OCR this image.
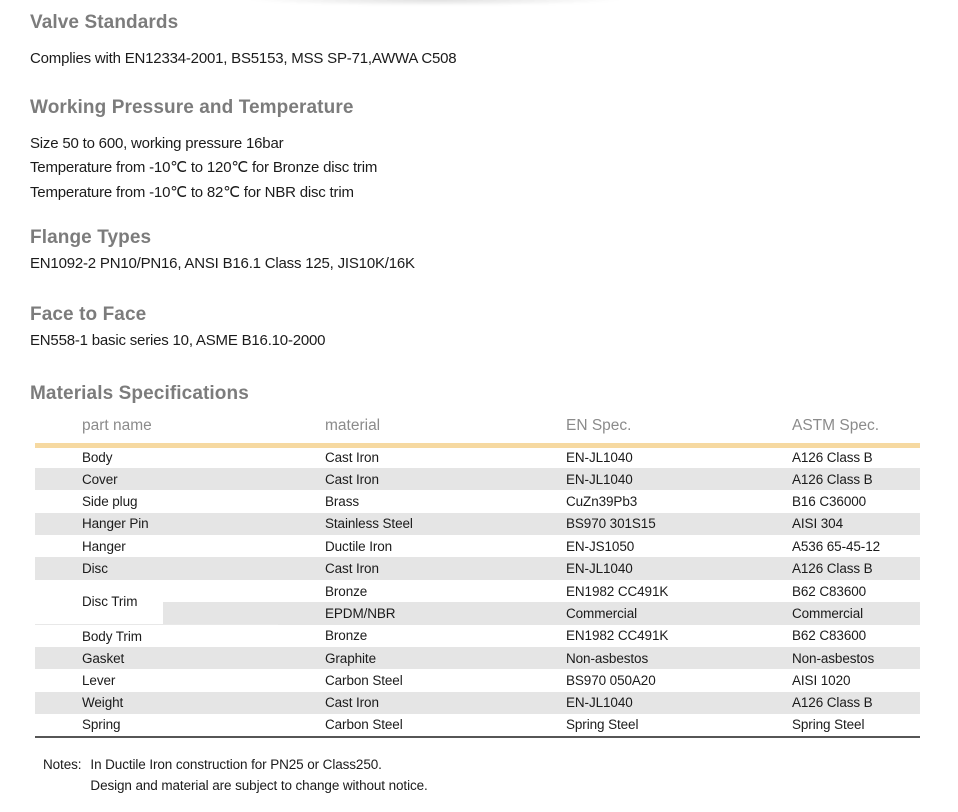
Valve Standards
Complies with EN12334-2001, BS5153, MSS SP-71,AWWA C508
Working Pressure and Temperature
Size 50 to 600, working pressure 16bar
Temperature from -10℃ to 120℃ for Bronze disc trim
Temperature from -10℃ to 82℃ for NBR disc trim
Flange Types
EN1092-2 PN10/PN16, ANSI B16.1 Class 125, JIS10K/16K
Face to Face
EN558-1 basic series 10, ASME B16.10-2000
Materials Specifications
part name	material	EN Spec.	ASTM Spec.
Body	Cast Iron	EN-JL1040	A126 Class B
Cover	Cast Iron	EN-JL1040	A126 Class B
Side plug	Brass	CuZn39Pb3	B16 C36000
Hanger Pin	Stainless Steel	BS970 301S15	AISI 304
Hanger	Ductile Iron	EN-JS1050	A536 65-45-12
Disc	Cast Iron	EN-JL1040	A126 Class B
Disc Trim	Bronze	EN1982 CC491K	B62 C83600
	EPDM/NBR	Commercial	Commercial
Body Trim	Bronze	EN1982 CC491K	B62 C83600
Gasket	Graphite	Non-asbestos	Non-asbestos
Lever	Carbon Steel	BS970 050A20	AISI 1020
Weight	Cast Iron	EN-JL1040	A126 Class B
Spring	Carbon Steel	Spring Steel	Spring Steel
Notes: In Ductile Iron construction for PN25 or Class250.
Design and material are subject to change without notice.
